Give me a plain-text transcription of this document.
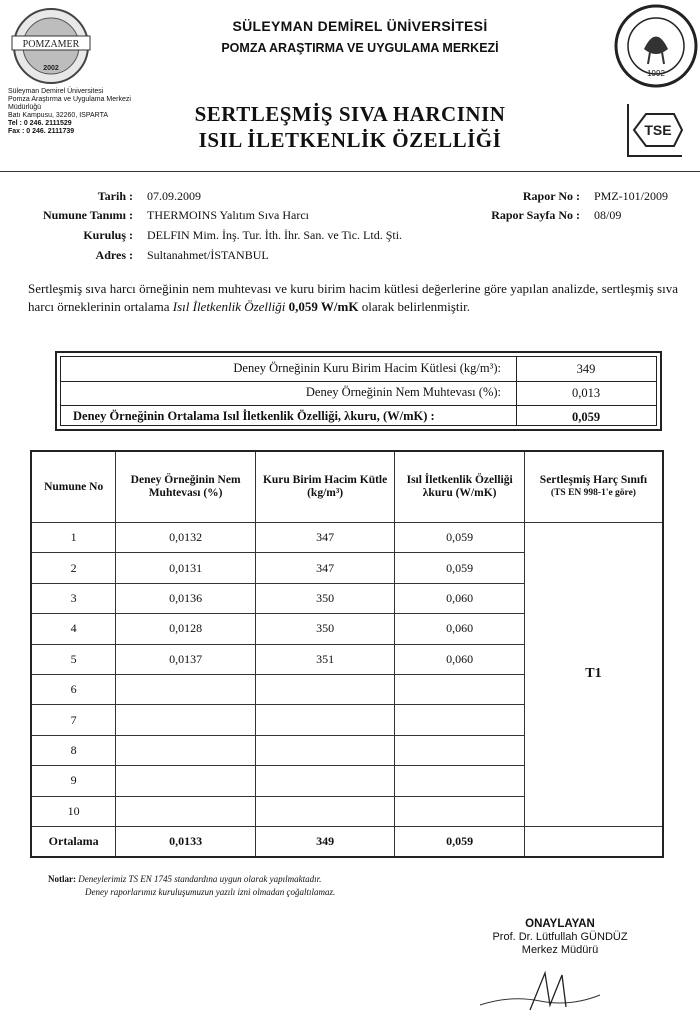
POMZAMER
2002
SÜLEYMAN DEMİREL ÜNİVERSİTESİ
POMZA ARAŞTIRMA VE UYGULAMA MERKEZİ
1992
Süleyman Demirel Üniversitesi
Pomza Araştırma ve Uygulama Merkezi
Müdürlüğü
Batı Kampusu, 32260, ISPARTA
Tel : 0 246. 2111529
Fax : 0 246. 2111739
SERTLEŞMİŞ SIVA HARCININ
ISIL İLETKENLİK ÖZELLİĞİ	TSE
Tarih : 07.09.2009
Numune Tanımı : THERMOINS Yalıtım Sıva Harcı
Kuruluş : DELFIN Mim. İnş. Tur. İth. İhr. San. ve Tic. Ltd. Şti.
Adres : Sultanahmet/İSTANBUL
Rapor No : PMZ-101/2009
Rapor Sayfa No : 08/09
Sertleşmiş sıva harcı örneğinin nem muhtevası ve kuru birim hacim kütlesi değerlerine göre yapılan analizde, sertleşmiş sıva harcı örneklerinin ortalama Isıl İletkenlik Özelliği 0,059 W/mK olarak belirlenmiştir.
Deney Örneğinin Kuru Birim Hacim Kütlesi (kg/m³):	349
Deney Örneğinin Nem Muhtevası (%):	0,013
Deney Örneğinin Ortalama Isıl İletkenlik Özelliği, λkuru, (W/mK) :	0,059
Numune No	Deney Örneğinin Nem Muhtevası (%)	Kuru Birim Hacim Kütle (kg/m³)	Isıl İletkenlik Özelliği λkuru (W/mK)	Sertleşmiş Harç Sınıfı
(TS EN 998-1'e göre)

1	0,0132	347	0,059	T1
2	0,0131	347	0,059	
3	0,0136	350	0,060	
4	0,0128	350	0,060	
5	0,0137	351	0,060	
6				
7				
8				
9				
10				
Ortalama	0,0133	349	0,059	
Notlar: Deneylerimiz TS EN 1745 standardına uygun olarak yapılmaktadır.
Deney raporlarımız kuruluşumuzun yazılı izni olmadan çoğaltılamaz.
ONAYLAYAN
Prof. Dr. Lütfullah GÜNDÜZ
Merkez Müdürü
